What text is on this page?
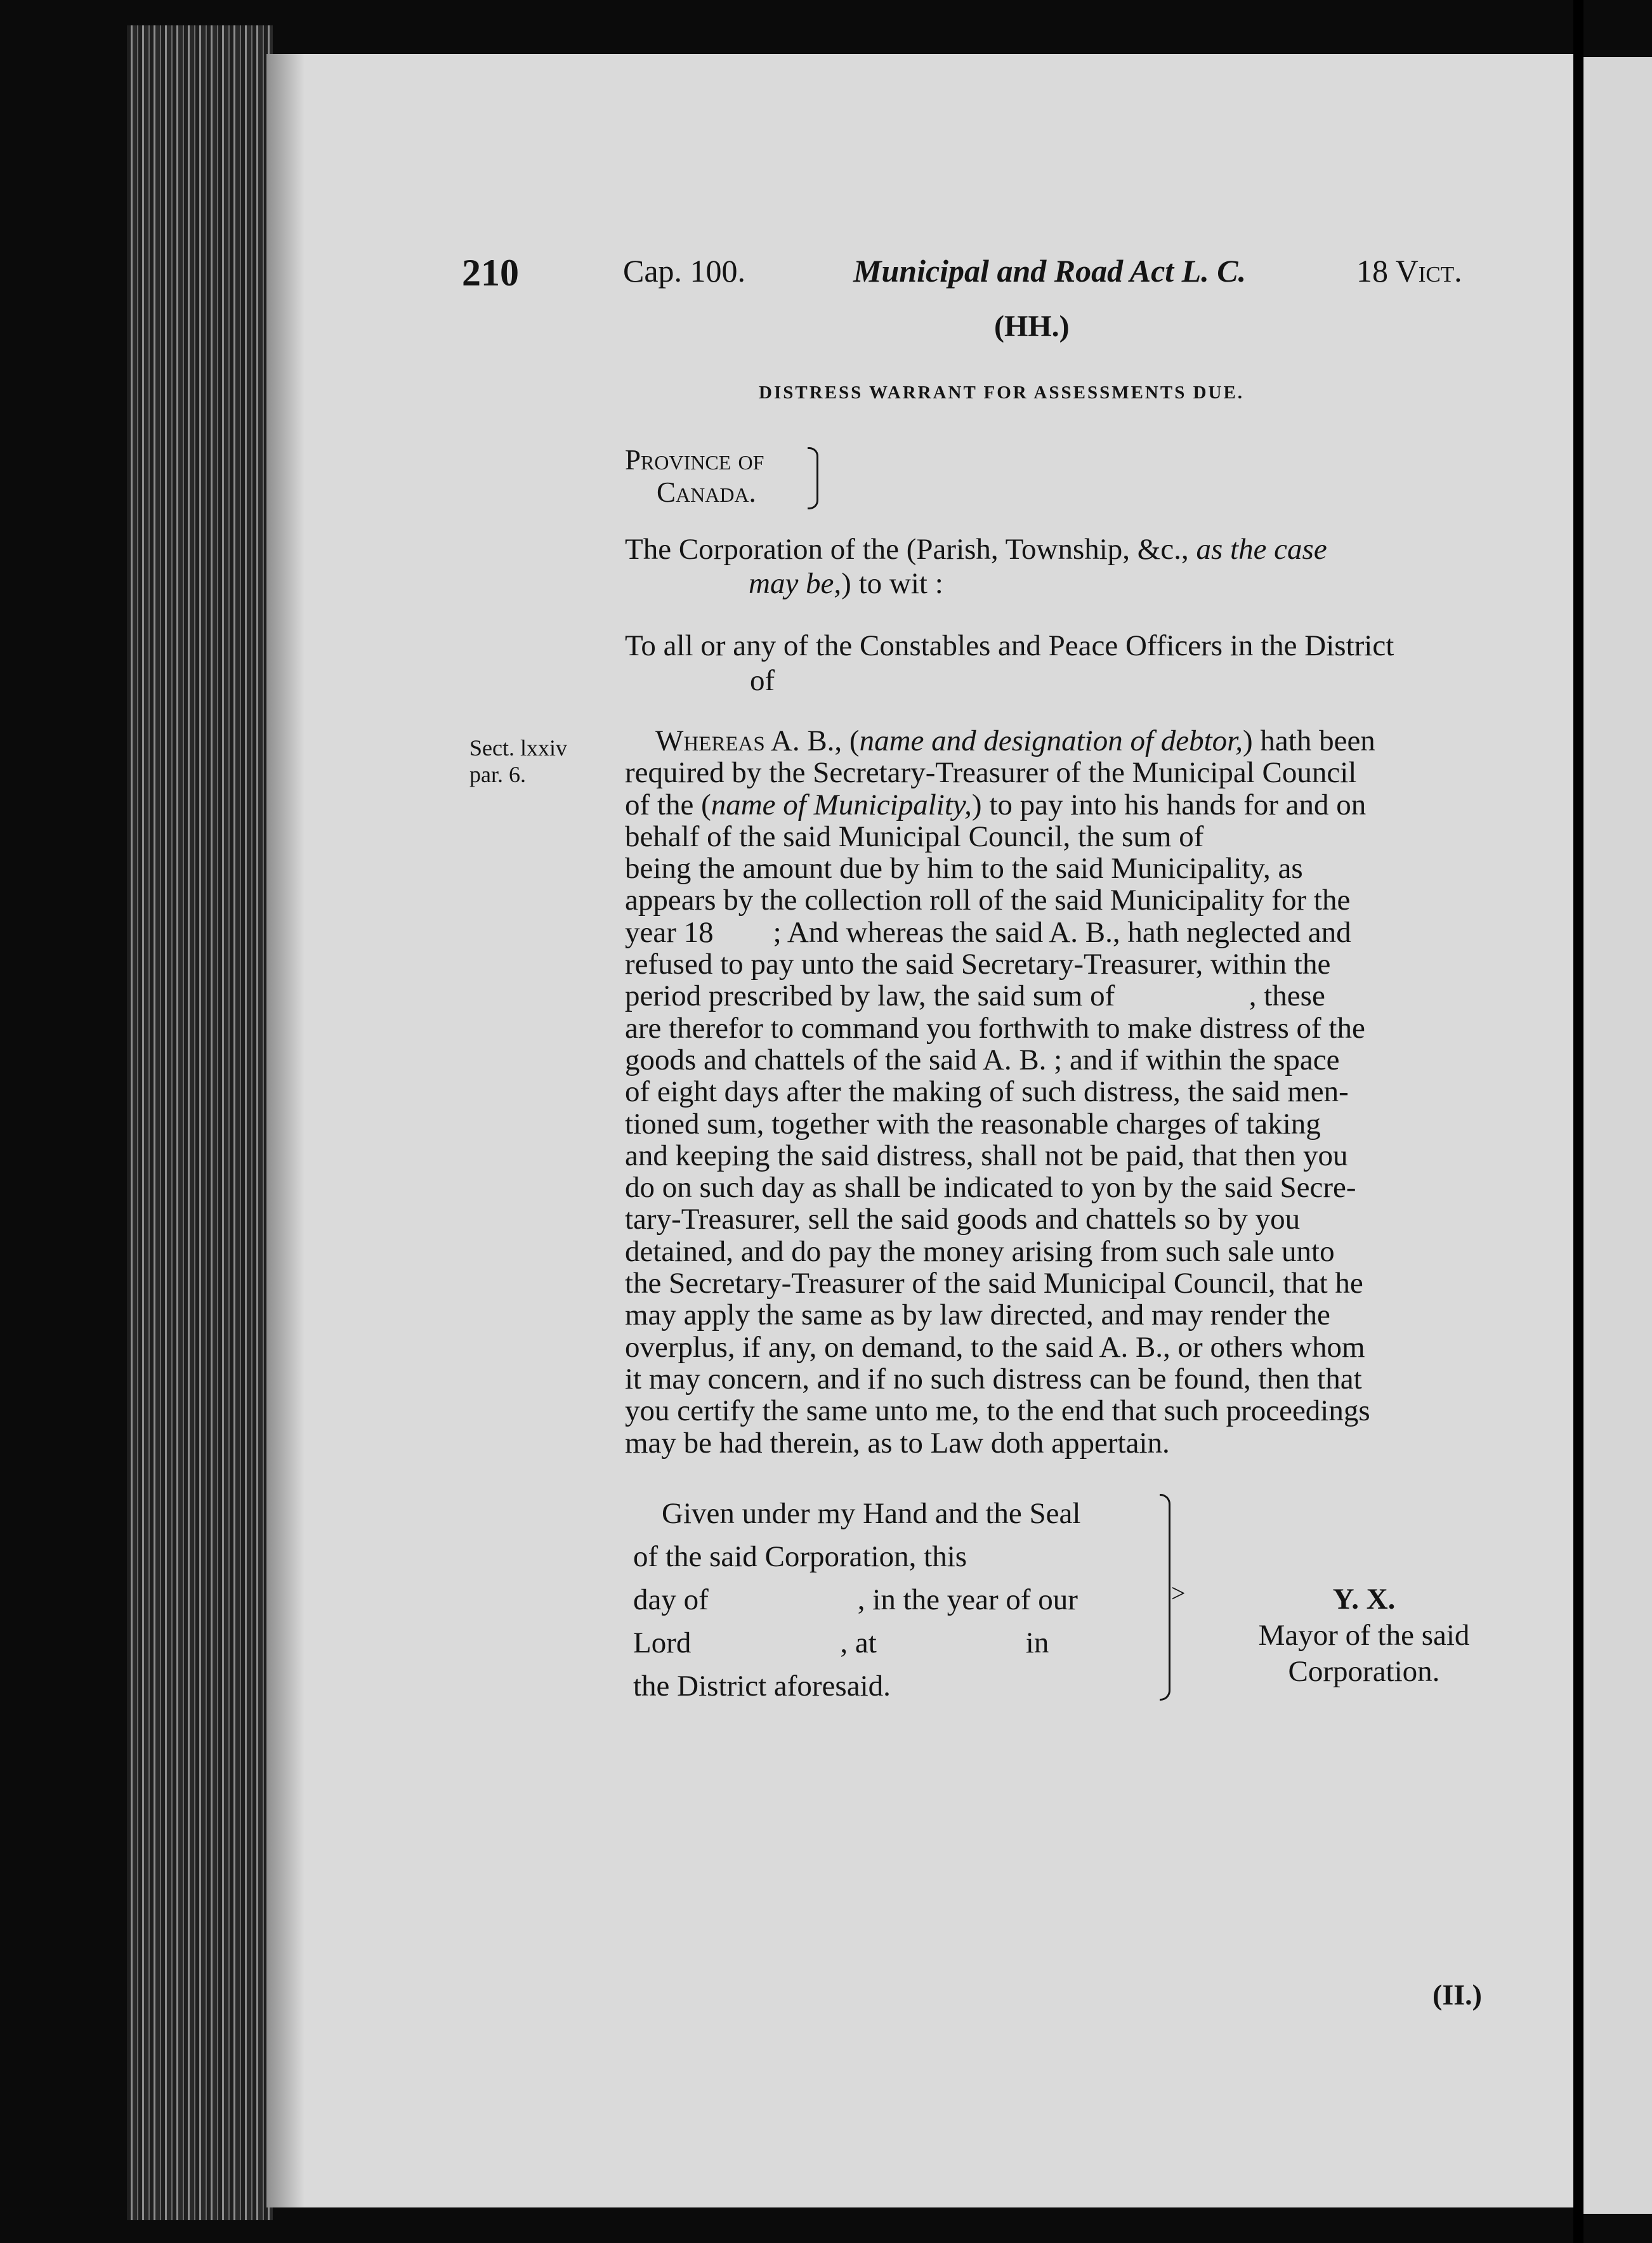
210	Cap. 100.	Municipal and Road Act L. C.	18 Vict.
(HH.)
DISTRESS WARRANT FOR ASSESSMENTS DUE.
Province of
Canada.
The Corporation of the (Parish, Township, &c., as the case
may be,) to wit :
To all or any of the Constables and Peace Officers in the District
of
Sect. lxxiv
par. 6.
Whereas A. B., (name and designation of debtor,) hath been
required by the Secretary-Treasurer of the Municipal Council
of the (name of Municipality,) to pay into his hands for and on
behalf of the said Municipal Council, the sum of
being the amount due by him to the said Municipality, as
appears by the collection roll of the said Municipality for the
year 18        ; And whereas the said A. B., hath neglected and
refused to pay unto the said Secretary-Treasurer, within the
period prescribed by law, the said sum of                  , these
are therefor to command you forthwith to make distress of the
goods and chattels of the said A. B. ; and if within the space
of eight days after the making of such distress, the said men-
tioned sum, together with the reasonable charges of taking
and keeping the said distress, shall not be paid, that then you
do on such day as shall be indicated to yon by the said Secre-
tary-Treasurer, sell the said goods and chattels so by you
detained, and do pay the money arising from such sale unto
the Secretary-Treasurer of the said Municipal Council, that he
may apply the same as by law directed, and may render the
overplus, if any, on demand, to the said A. B., or others whom
it may concern, and if no such distress can be found, then that
you certify the same unto me, to the end that such proceedings
may be had therein, as to Law doth appertain.
Given under my Hand and the Seal
of the said Corporation, this
day of                    , in the year of our
Lord                    , at                    in
the District aforesaid.
>	Y. X.
Mayor of the said
Corporation.
(II.)
